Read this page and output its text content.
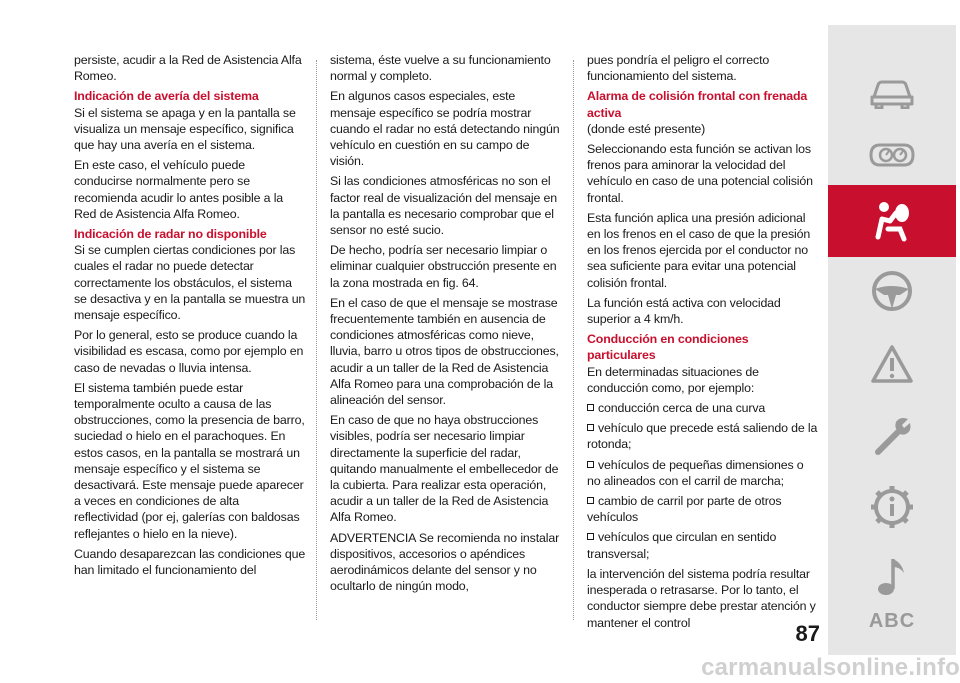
persiste, acudir a la Red de Asistencia Alfa Romeo.

Indicación de avería del sistema

Si el sistema se apaga y en la pantalla se visualiza un mensaje específico, significa que hay una avería en el sistema.

En este caso, el vehículo puede conducirse normalmente pero se recomienda acudir lo antes posible a la Red de Asistencia Alfa Romeo.

Indicación de radar no disponible

Si se cumplen ciertas condiciones por las cuales el radar no puede detectar correctamente los obstáculos, el sistema se desactiva y en la pantalla se muestra un mensaje específico.

Por lo general, esto se produce cuando la visibilidad es escasa, como por ejemplo en caso de nevadas o lluvia intensa.

El sistema también puede estar temporalmente oculto a causa de las obstrucciones, como la presencia de barro, suciedad o hielo en el parachoques. En estos casos, en la pantalla se mostrará un mensaje específico y el sistema se desactivará. Este mensaje puede aparecer a veces en condiciones de alta reflectividad (por ej, galerías con baldosas reflejantes o hielo en la nieve).

Cuando desaparezcan las condiciones que han limitado el funcionamiento del

sistema, éste vuelve a su funcionamiento normal y completo.

En algunos casos especiales, este mensaje específico se podría mostrar cuando el radar no está detectando ningún vehículo en cuestión en su campo de visión.

Si las condiciones atmosféricas no son el factor real de visualización del mensaje en la pantalla es necesario comprobar que el sensor no esté sucio.

De hecho, podría ser necesario limpiar o eliminar cualquier obstrucción presente en la zona mostrada en fig. 64.

En el caso de que el mensaje se mostrase frecuentemente también en ausencia de condiciones atmosféricas como nieve, lluvia, barro u otros tipos de obstrucciones, acudir a un taller de la Red de Asistencia Alfa Romeo para una comprobación de la alineación del sensor.

En caso de que no haya obstrucciones visibles, podría ser necesario limpiar directamente la superficie del radar, quitando manualmente el embellecedor de la cubierta. Para realizar esta operación, acudir a un taller de la Red de Asistencia Alfa Romeo.

ADVERTENCIA Se recomienda no instalar dispositivos, accesorios o apéndices aerodinámicos delante del sensor y no ocultarlo de ningún modo,

pues pondría el peligro el correcto funcionamiento del sistema.

Alarma de colisión frontal con frenada activa

(donde esté presente)

Seleccionando esta función se activan los frenos para aminorar la velocidad del vehículo en caso de una potencial colisión frontal.

Esta función aplica una presión adicional en los frenos en el caso de que la presión en los frenos ejercida por el conductor no sea suficiente para evitar una potencial colisión frontal.

La función está activa con velocidad superior a 4 km/h.

Conducción en condiciones particulares

En determinadas situaciones de conducción como, por ejemplo:

conducción cerca de una curva

vehículo que precede está saliendo de la rotonda;

vehículos de pequeñas dimensiones o no alineados con el carril de marcha;

cambio de carril por parte de otros vehículos

vehículos que circulan en sentido transversal;

la intervención del sistema podría resultar inesperada o retrasarse. Por lo tanto, el conductor siempre debe prestar atención y mantener el control	ABC
87
carmanualsonline.info
